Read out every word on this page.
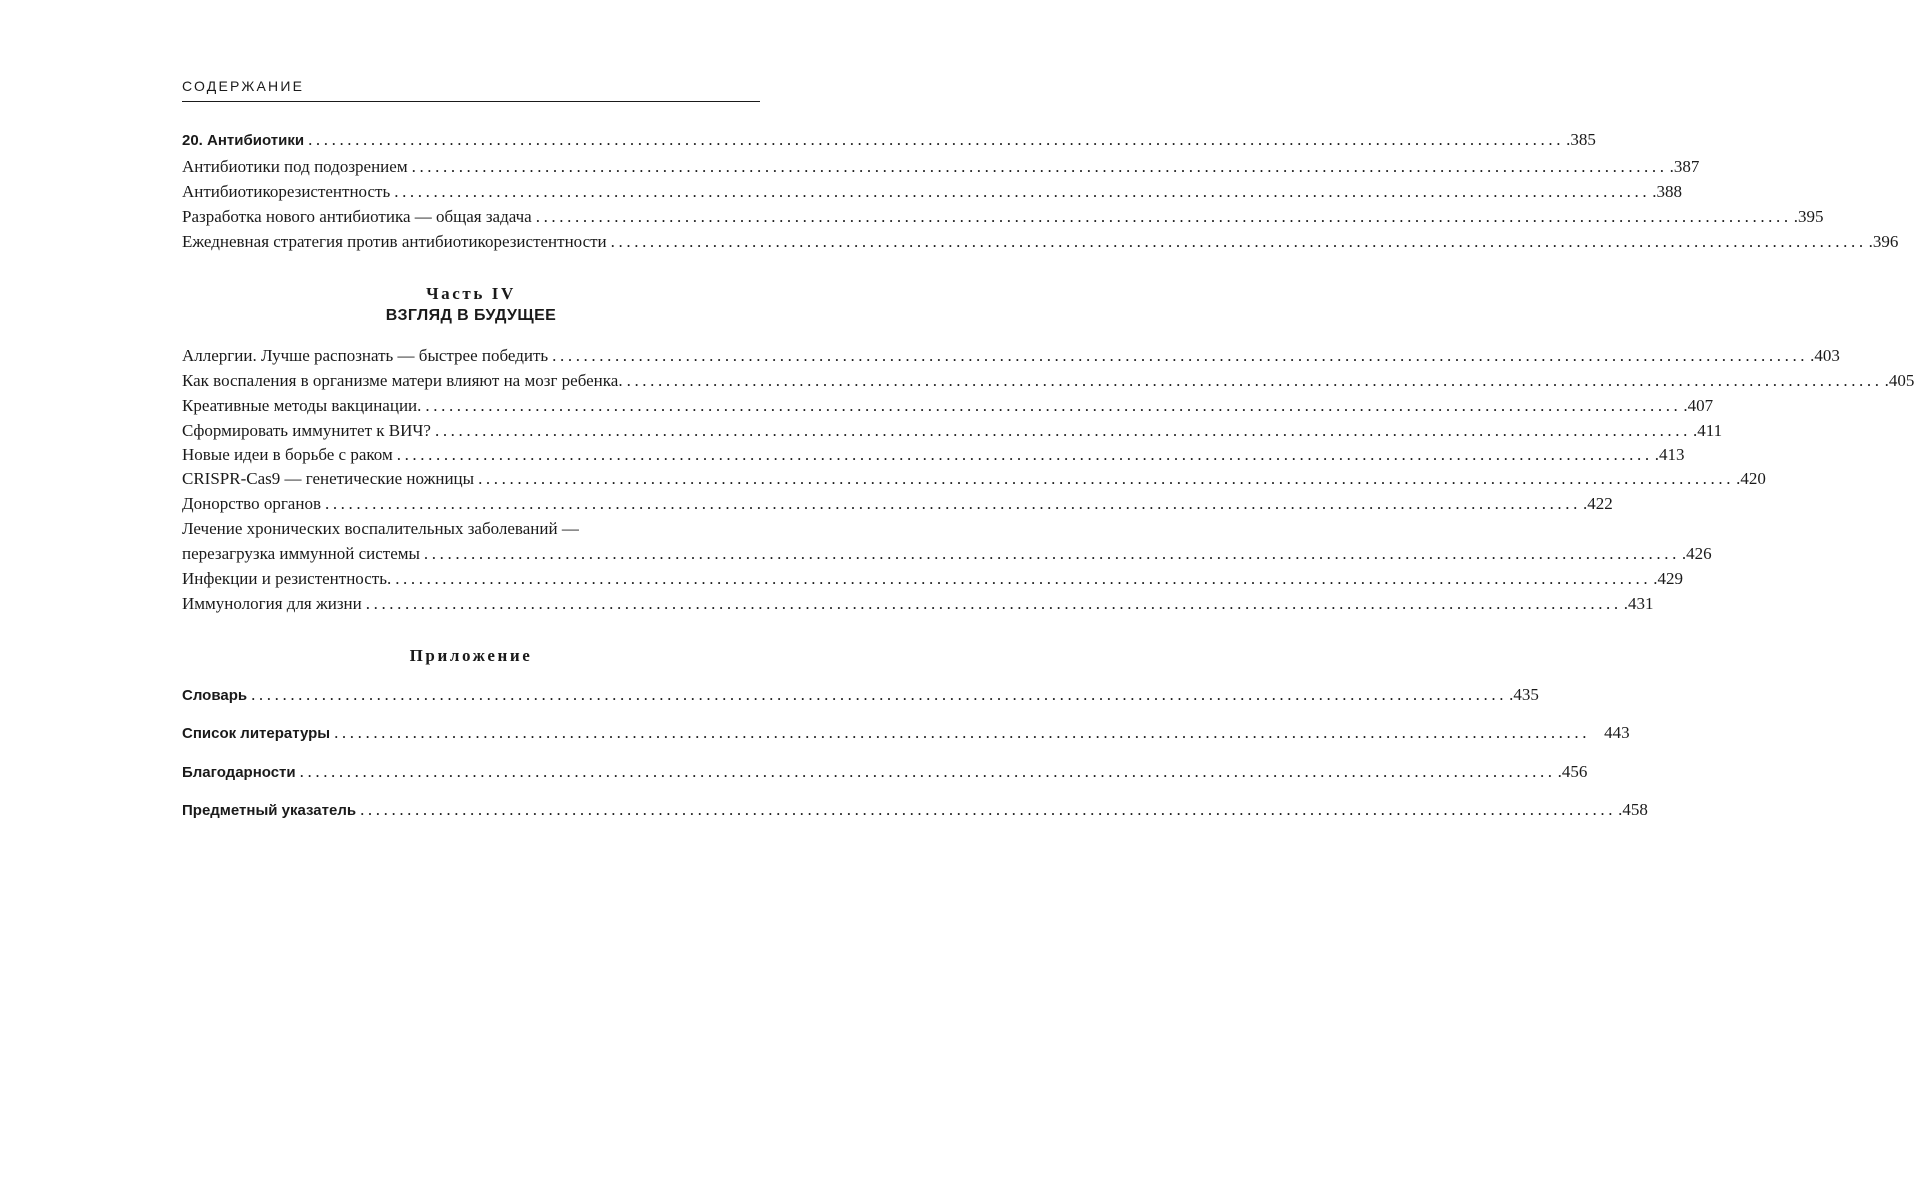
СОДЕРЖАНИЕ
20. Антибиотики ................................................................................................................................................................ .385
Антибиотики под подозрением ................................................................................................................................................................ .387
Антибиотикорезистентность ................................................................................................................................................................ .388
Разработка нового антибиотика — общая задача ................................................................................................................................................................ .395
Ежедневная стратегия против антибиотикорезистентности ................................................................................................................................................................ .396
Часть IV
ВЗГЛЯД В БУДУЩЕЕ
Аллергии. Лучше распознать — быстрее победить ................................................................................................................................................................ .403
Как воспаления в организме матери влияют на мозг ребенка. ................................................................................................................................................................ .405
Креативные методы вакцинации. ................................................................................................................................................................ .407
Сформировать иммунитет к ВИЧ? ................................................................................................................................................................ .411
Новые идеи в борьбе с раком ................................................................................................................................................................ .413
CRISPR-Cas9 — генетические ножницы ................................................................................................................................................................ .420
Донорство органов ................................................................................................................................................................ .422
Лечение хронических воспалительных заболеваний —
перезагрузка иммунной системы ................................................................................................................................................................ .426
Инфекции и резистентность. ................................................................................................................................................................ .429
Иммунология для жизни ................................................................................................................................................................ .431
Приложение
Словарь ................................................................................................................................................................ .435
Список литературы ................................................................................................................................................................ 443
Благодарности ................................................................................................................................................................ .456
Предметный указатель ................................................................................................................................................................ .458
